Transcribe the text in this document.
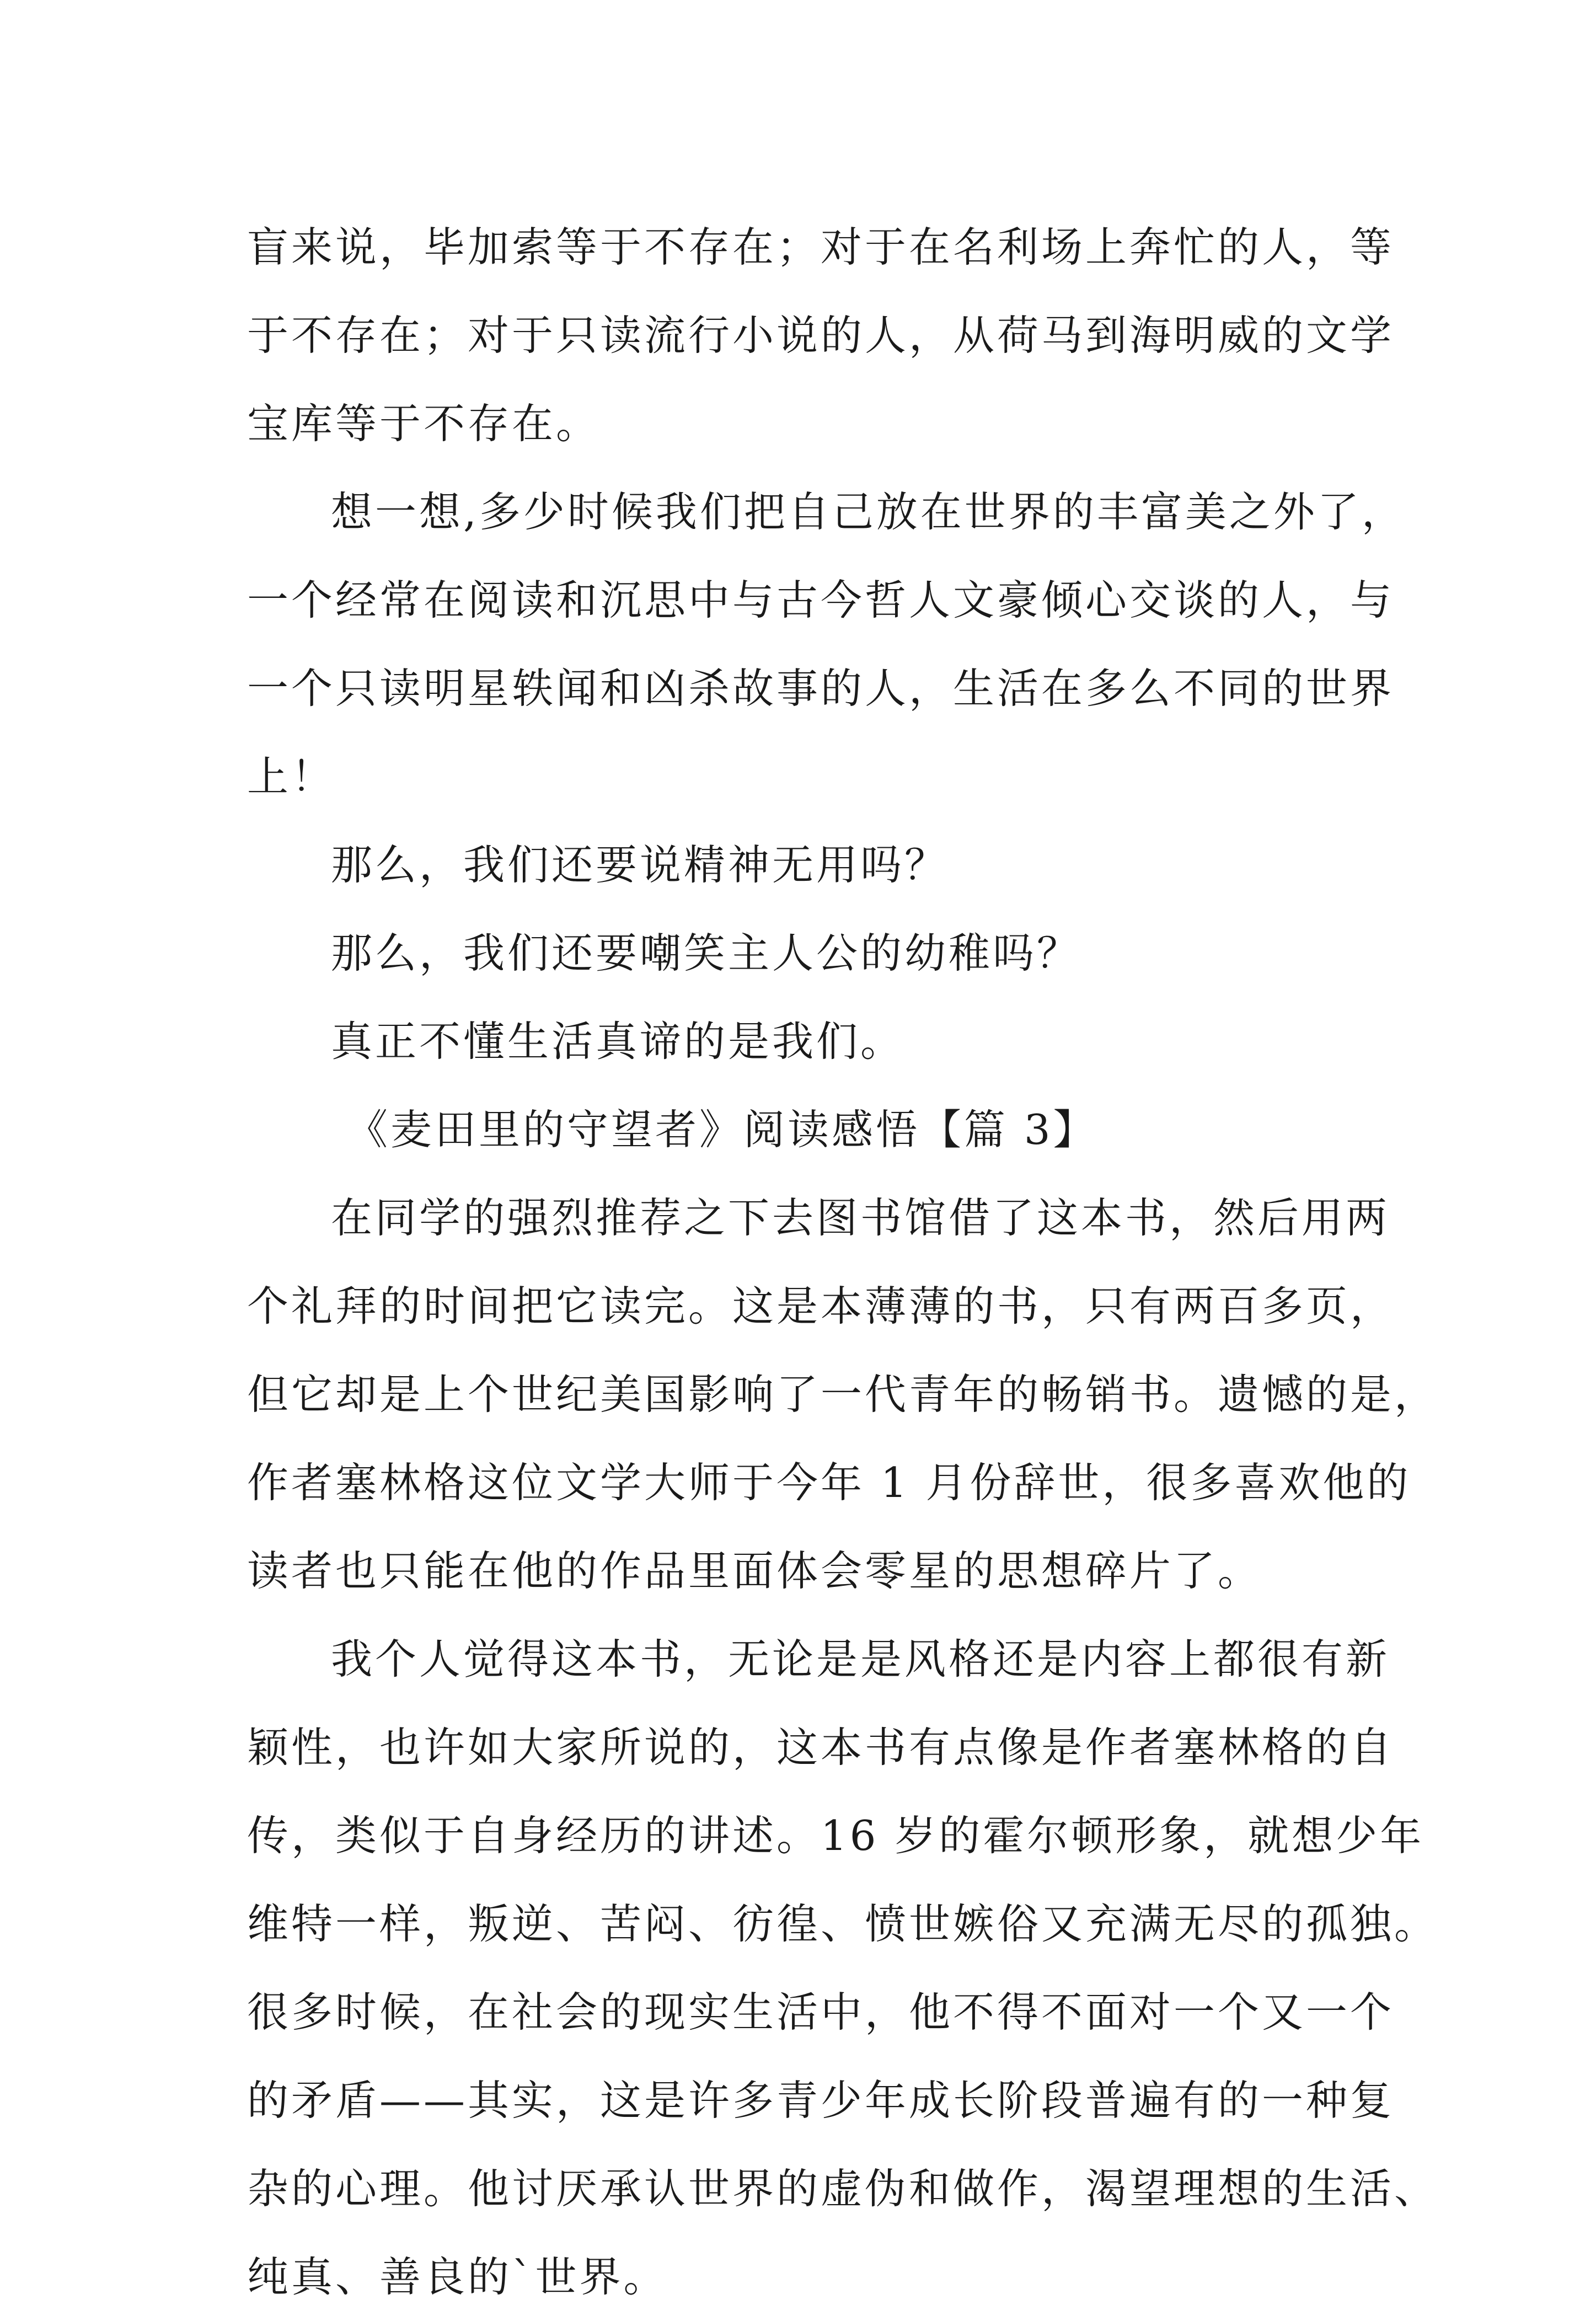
盲来说，毕加索等于不存在；对于在名利场上奔忙的人，等
于不存在；对于只读流行小说的人，从荷马到海明威的文学
宝库等于不存在。
想一想,多少时候我们把自己放在世界的丰富美之外了，
一个经常在阅读和沉思中与古今哲人文豪倾心交谈的人，与
一个只读明星轶闻和凶杀故事的人，生活在多么不同的世界
上！
那么，我们还要说精神无用吗？
那么，我们还要嘲笑主人公的幼稚吗？
真正不懂生活真谛的是我们。
《麦田里的守望者》阅读感悟【篇 3】
在同学的强烈推荐之下去图书馆借了这本书，然后用两
个礼拜的时间把它读完。这是本薄薄的书，只有两百多页，
但它却是上个世纪美国影响了一代青年的畅销书。遗憾的是，
作者塞林格这位文学大师于今年 1 月份辞世，很多喜欢他的
读者也只能在他的作品里面体会零星的思想碎片了。
我个人觉得这本书，无论是是风格还是内容上都很有新
颖性，也许如大家所说的，这本书有点像是作者塞林格的自
传，类似于自身经历的讲述。16 岁的霍尔顿形象，就想少年
维特一样，叛逆、苦闷、彷徨、愤世嫉俗又充满无尽的孤独。
很多时候，在社会的现实生活中，他不得不面对一个又一个
的矛盾——其实，这是许多青少年成长阶段普遍有的一种复
杂的心理。他讨厌承认世界的虚伪和做作，渴望理想的生活、
纯真、善良的`世界。
